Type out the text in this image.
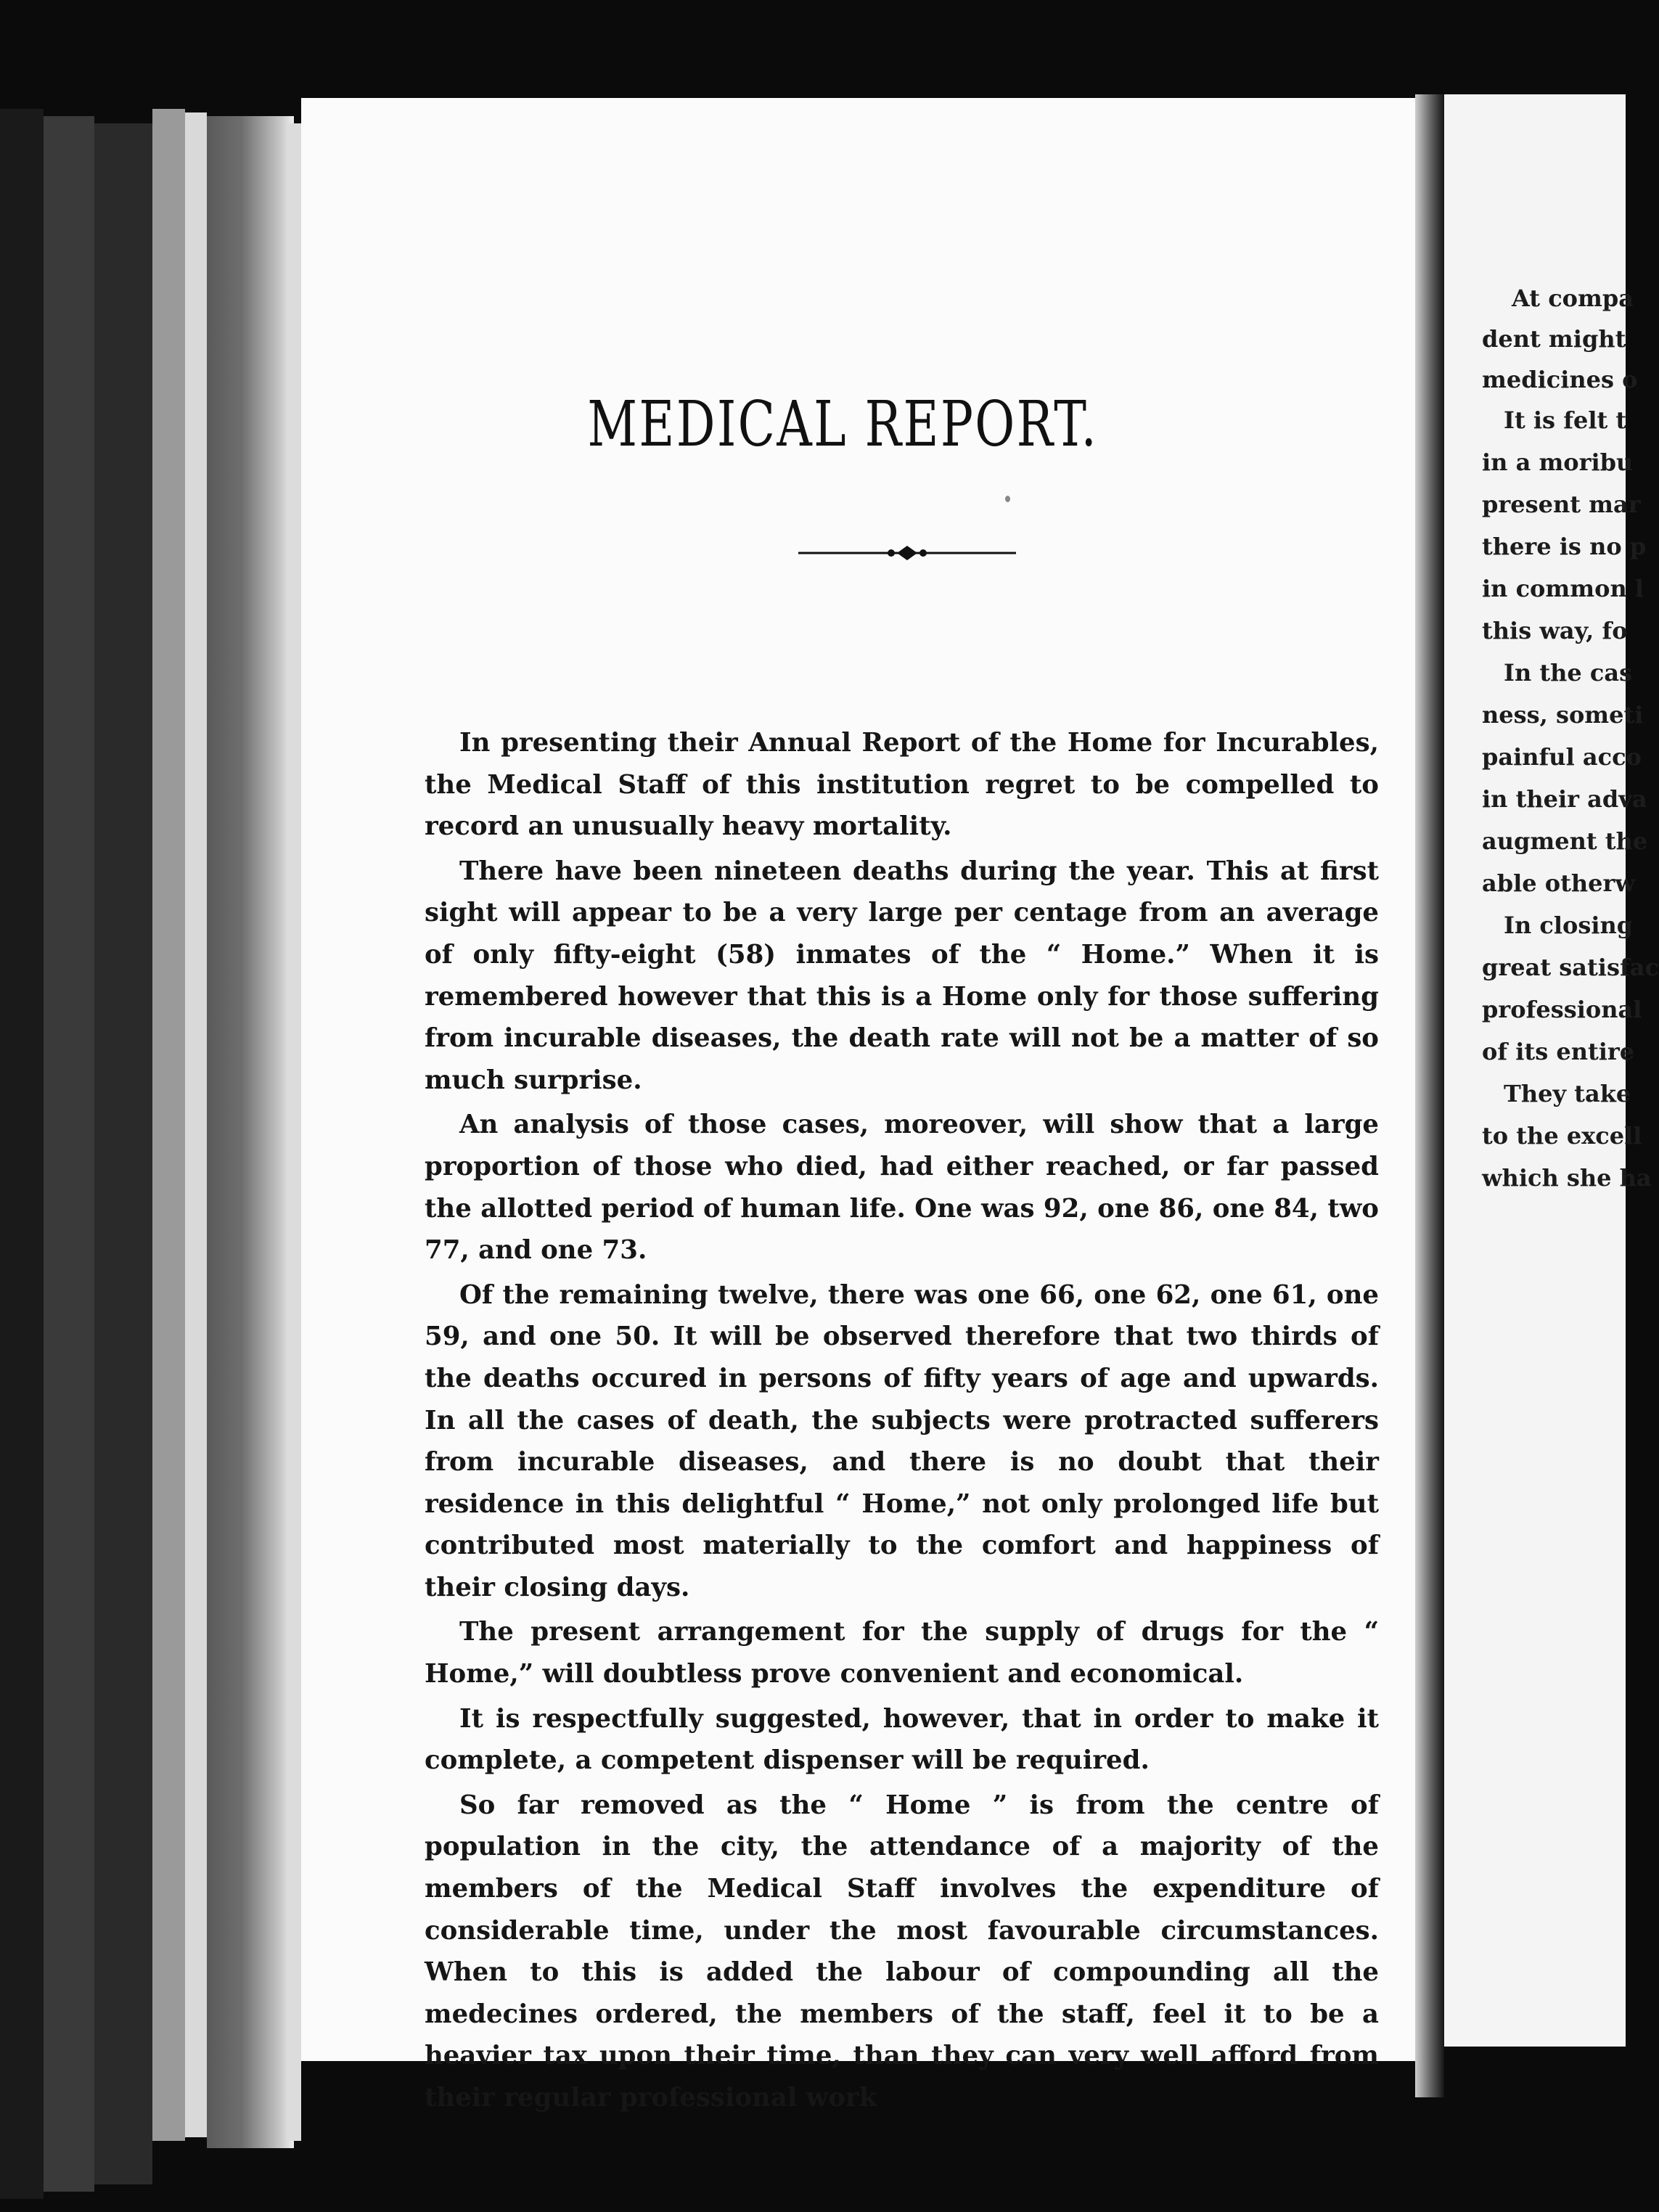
MEDICAL REPORT.

In presenting their Annual Report of the Home for Incurables, the Medical Staff of this institution regret to be compelled to record an unusually heavy mortality.

There have been nineteen deaths during the year. This at first sight will appear to be a very large per centage from an average of only fifty-eight (58) inmates of the “ Home.” When it is remembered however that this is a Home only for those suffering from incurable diseases, the death rate will not be a matter of so much surprise.

An analysis of those cases, moreover, will show that a large proportion of those who died, had either reached, or far passed the allotted period of human life. One was 92, one 86, one 84, two 77, and one 73.

Of the remaining twelve, there was one 66, one 62, one 61, one 59, and one 50. It will be observed therefore that two thirds of the deaths occured in persons of fifty years of age and upwards. In all the cases of death, the subjects were protracted sufferers from incurable diseases, and there is no doubt that their residence in this delightful “ Home,” not only prolonged life but contributed most materially to the comfort and happiness of their closing days.

The present arrangement for the supply of drugs for the “ Home,” will doubtless prove convenient and economical.

It is respectfully suggested, however, that in order to make it complete, a competent dispenser will be required.

So far removed as the “ Home ” is from the centre of population in the city, the attendance of a majority of the members of the Medical Staff involves the expenditure of considerable time, under the most favourable circumstances. When to this is added the labour of compounding all the medecines ordered, the members of the staff, feel it to be a heavier tax upon their time, than they can very well afford from their regular professional work

At compa
dent might
medicines o
It is felt t
in a moribu
present mar
there is no p
in common l
this way, fo
In the cas
ness, someti
painful acco
in their adva
augment the
able otherw
In closing
great satisfac
professional
of its entire
They take
to the excell
which she ha
